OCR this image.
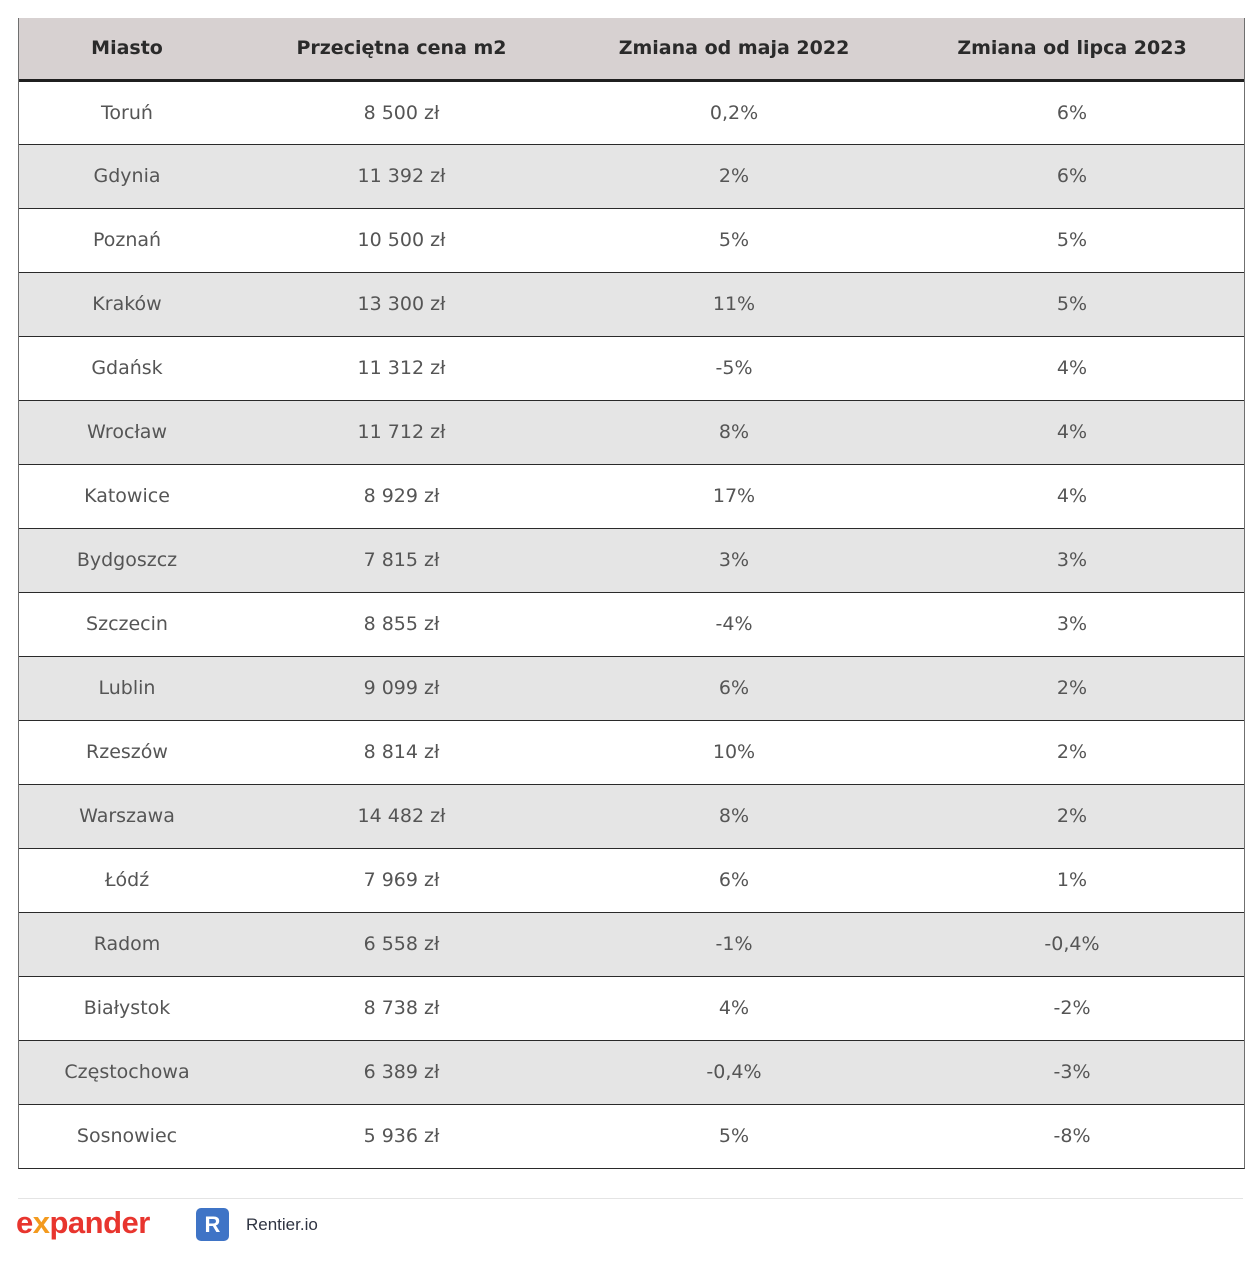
Miasto	Przeciętna cena m2	Zmiana od maja 2022	Zmiana od lipca 2023
Toruń	8 500 zł	0,2%	6%
Gdynia	11 392 zł	2%	6%
Poznań	10 500 zł	5%	5%
Kraków	13 300 zł	11%	5%
Gdańsk	11 312 zł	-5%	4%
Wrocław	11 712 zł	8%	4%
Katowice	8 929 zł	17%	4%
Bydgoszcz	7 815 zł	3%	3%
Szczecin	8 855 zł	-4%	3%
Lublin	9 099 zł	6%	2%
Rzeszów	8 814 zł	10%	2%
Warszawa	14 482 zł	8%	2%
Łódź	7 969 zł	6%	1%
Radom	6 558 zł	-1%	-0,4%
Białystok	8 738 zł	4%	-2%
Częstochowa	6 389 zł	-0,4%	-3%
Sosnowiec	5 936 zł	5%	-8%
expander	R	Rentier.io
